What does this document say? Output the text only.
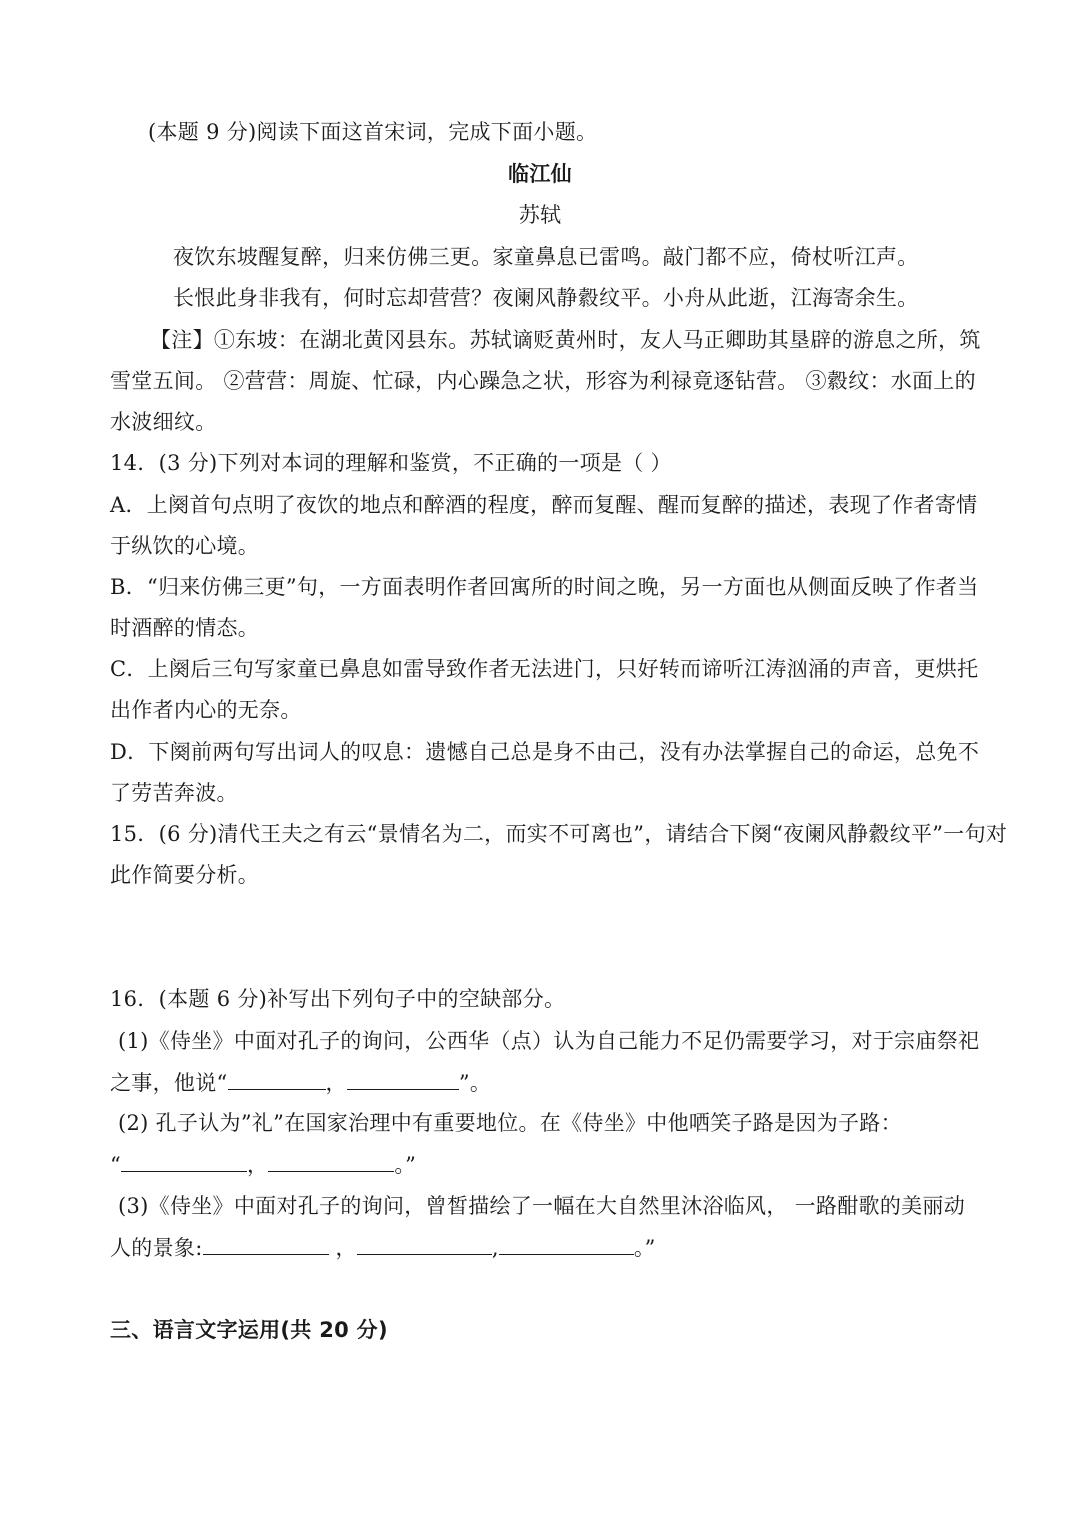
(本题 9 分)阅读下面这首宋词，完成下面小题。
临江仙
苏轼
夜饮东坡醒复醉，归来仿佛三更。家童鼻息已雷鸣。敲门都不应，倚杖听江声。
长恨此身非我有，何时忘却营营？夜阑风静縠纹平。小舟从此逝，江海寄余生。
【注】①东坡：在湖北黄冈县东。苏轼谪贬黄州时，友人马正卿助其垦辟的游息之所，筑
雪堂五间。 ②营营：周旋、忙碌，内心躁急之状，形容为利禄竟逐钻营。 ③縠纹：水面上的
水波细纹。
14．(3 分)下列对本词的理解和鉴赏，不正确的一项是（ ）
A．上阕首句点明了夜饮的地点和醉酒的程度，醉而复醒、醒而复醉的描述，表现了作者寄情
于纵饮的心境。
B．“归来仿佛三更”句，一方面表明作者回寓所的时间之晚，另一方面也从侧面反映了作者当
时酒醉的情态。
C．上阕后三句写家童已鼻息如雷导致作者无法进门，只好转而谛听江涛汹涌的声音，更烘托
出作者内心的无奈。
D．下阕前两句写出词人的叹息：遗憾自己总是身不由己，没有办法掌握自己的命运，总免不
了劳苦奔波。
15．(6 分)清代王夫之有云“景情名为二，而实不可离也”，请结合下阕“夜阑风静縠纹平”一句对
此作简要分析。
16．(本题 6 分)补写出下列句子中的空缺部分。
(1)《侍坐》中面对孔子的询问，公西华（点）认为自己能力不足仍需要学习，对于宗庙祭祀
之事，他说“	，	”。
(2) 孔子认为”礼”在国家治理中有重要地位。在《侍坐》中他哂笑子路是因为子路：
“	，	。”
(3)《侍坐》中面对孔子的询问，曾皙描绘了一幅在大自然里沐浴临风， 一路酣歌的美丽动
人的景象:	，	,	。”
三、语言文字运用(共 20 分)
